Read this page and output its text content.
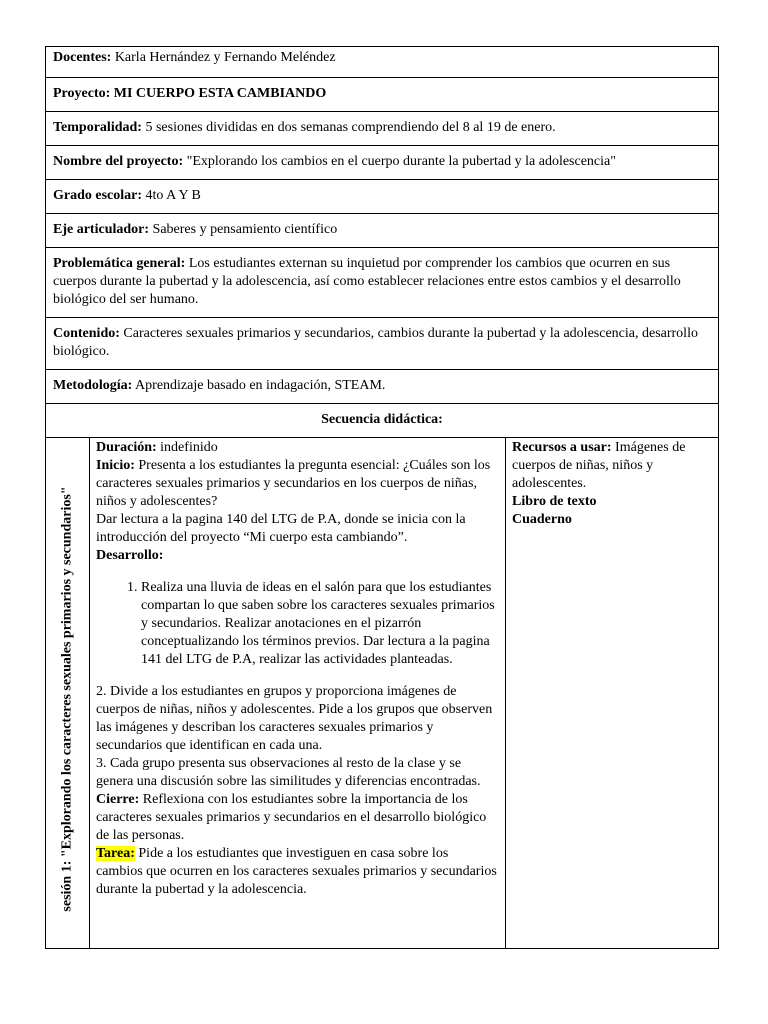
Docentes: Karla Hernández y Fernando Meléndez
Proyecto: MI CUERPO ESTA CAMBIANDO
Temporalidad: 5 sesiones divididas en dos semanas comprendiendo del 8 al 19 de enero.
Nombre del proyecto: "Explorando los cambios en el cuerpo durante la pubertad y la adolescencia"
Grado escolar: 4to A Y B
Eje articulador: Saberes y pensamiento científico
Problemática general: Los estudiantes externan su inquietud por comprender los cambios que ocurren en sus cuerpos durante la pubertad y la adolescencia, así como establecer relaciones entre estos cambios y el desarrollo biológico del ser humano.
Contenido: Caracteres sexuales primarios y secundarios, cambios durante la pubertad y la adolescencia, desarrollo biológico.
Metodología: Aprendizaje basado en indagación, STEAM.
Secuencia didáctica:

sesión 1: "Explorando los caracteres sexuales primarios y secundarios"

Duración: indefinido

Inicio: Presenta a los estudiantes la pregunta esencial: ¿Cuáles son los caracteres sexuales primarios y secundarios en los cuerpos de niñas, niños y adolescentes?

Dar lectura a la pagina 140 del LTG de P.A, donde se inicia con la introducción del proyecto “Mi cuerpo esta cambiando”.

Desarrollo:

1. Realiza una lluvia de ideas en el salón para que los estudiantes compartan lo que saben sobre los caracteres sexuales primarios y secundarios. Realizar anotaciones en el pizarrón conceptualizando los términos previos. Dar lectura a la pagina 141 del LTG de P.A, realizar las actividades planteadas.

2. Divide a los estudiantes en grupos y proporciona imágenes de cuerpos de niñas, niños y adolescentes. Pide a los grupos que observen las imágenes y describan los caracteres sexuales primarios y secundarios que identifican en cada una.

3. Cada grupo presenta sus observaciones al resto de la clase y se genera una discusión sobre las similitudes y diferencias encontradas.

Cierre: Reflexiona con los estudiantes sobre la importancia de los caracteres sexuales primarios y secundarios en el desarrollo biológico de las personas.

Tarea: Pide a los estudiantes que investiguen en casa sobre los cambios que ocurren en los caracteres sexuales primarios y secundarios durante la pubertad y la adolescencia.

Recursos a usar: Imágenes de cuerpos de niñas, niños y adolescentes.

Libro de texto

Cuaderno
